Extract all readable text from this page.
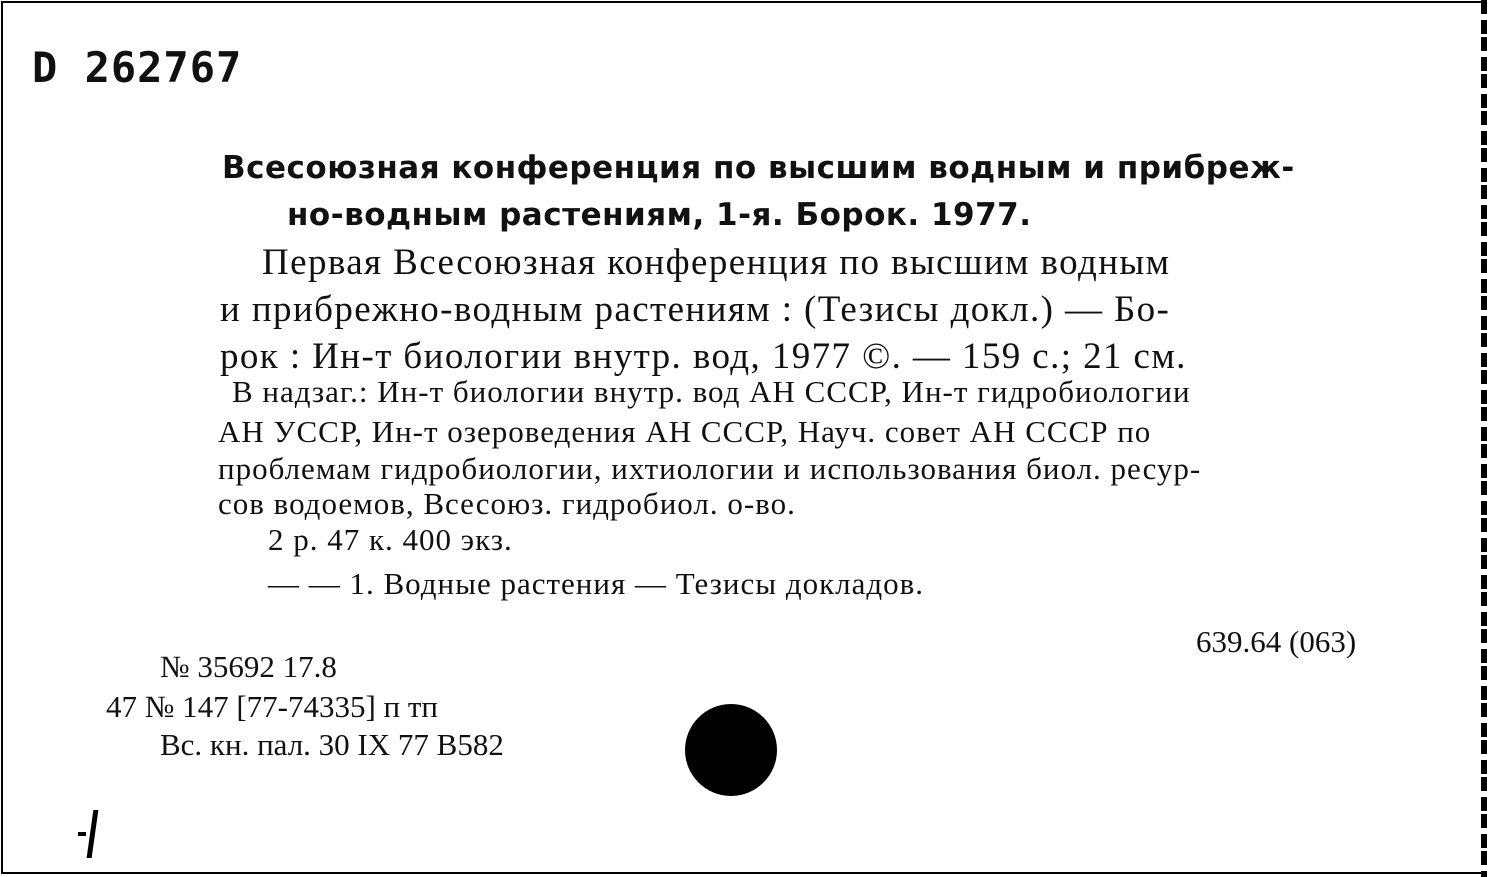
D 262767
Всесоюзная конференция по высшим водным и прибреж-
но-водным растениям, 1-я. Борок. 1977.
Первая Всесоюзная конференция по высшим водным
и прибрежно-водным растениям : (Тезисы докл.) — Бо-
рок : Ин-т биологии внутр. вод, 1977 ©. — 159 с.; 21 см.
В надзаг.: Ин-т биологии внутр. вод АН СССР, Ин-т гидробиологии
АН УССР, Ин-т озероведения АН СССР, Науч. совет АН СССР по
проблемам гидробиологии, ихтиологии и использования биол. ресур-
сов водоемов, Всесоюз. гидробиол. о-во.
2 р. 47 к. 400 экз.
— — 1. Водные растения — Тезисы докладов.
639.64 (063)
№ 35692 17.8
47 № 147 [77-74335] п тп
Вс. кн. пал. 30 IX 77 В582
